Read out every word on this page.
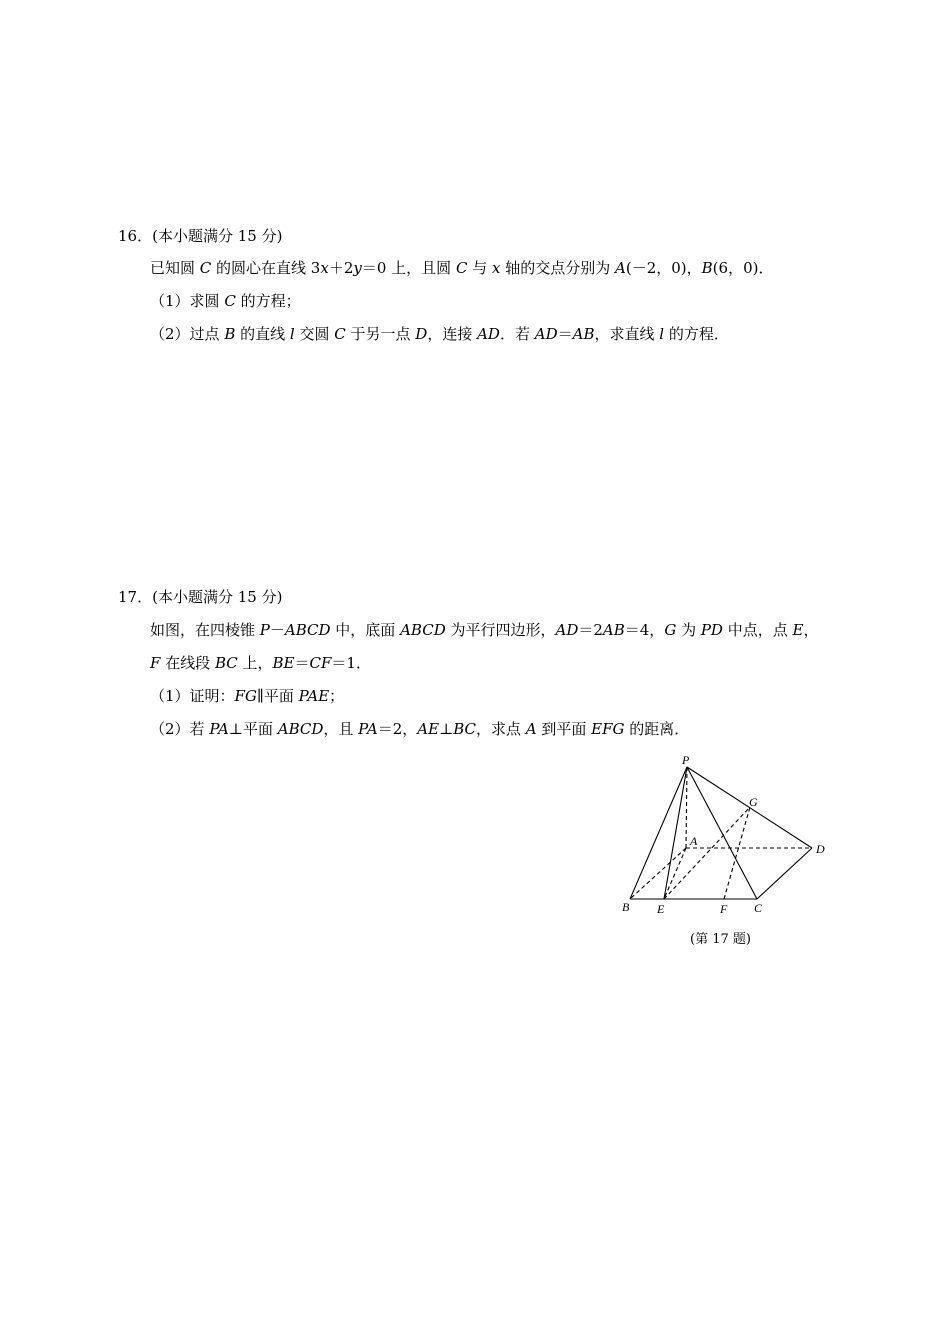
16．(本小题满分 15 分)
已知圆 C 的圆心在直线 3x＋2y＝0 上，且圆 C 与 x 轴的交点分别为 A(－2，0)，B(6，0)．
（1）求圆 C 的方程；
（2）过点 B 的直线 l 交圆 C 于另一点 D，连接 AD．若 AD＝AB，求直线 l 的方程．
17．(本小题满分 15 分)
如图，在四棱锥 P－ABCD 中，底面 ABCD 为平行四边形，AD＝2AB＝4，G 为 PD 中点，点 E，
F 在线段 BC 上，BE＝CF＝1．
（1）证明：FG∥平面 PAE；
（2）若 PA⊥平面 ABCD，且 PA＝2，AE⊥BC，求点 A 到平面 EFG 的距离．
P
G
A
D
B E	F C
(第 17 题)
